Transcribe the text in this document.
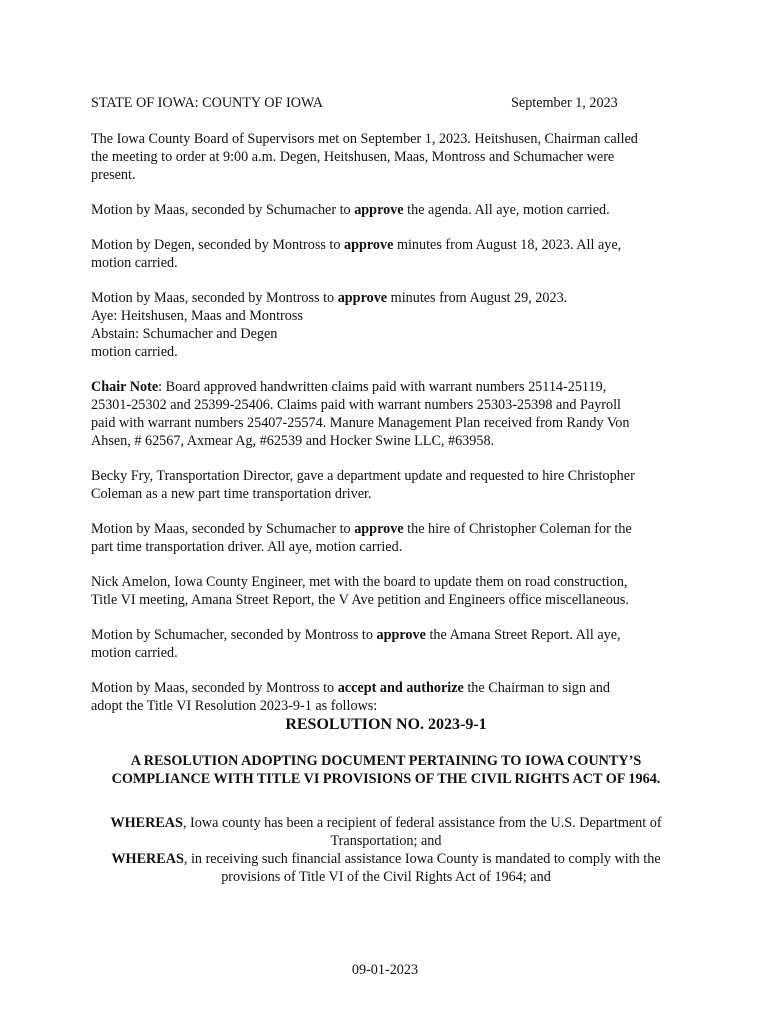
STATE OF IOWA: COUNTY OF IOWA	September 1, 2023

The Iowa County Board of Supervisors met on September 1, 2023. Heitshusen, Chairman called
the meeting to order at 9:00 a.m. Degen, Heitshusen, Maas, Montross and Schumacher were
present.

Motion by Maas, seconded by Schumacher to approve the agenda. All aye, motion carried.

Motion by Degen, seconded by Montross to approve minutes from August 18, 2023. All aye,
motion carried.

Motion by Maas, seconded by Montross to approve minutes from August 29, 2023.
Aye: Heitshusen, Maas and Montross
Abstain: Schumacher and Degen
motion carried.

Chair Note: Board approved handwritten claims paid with warrant numbers 25114-25119,
25301-25302 and 25399-25406. Claims paid with warrant numbers 25303-25398 and Payroll
paid with warrant numbers 25407-25574. Manure Management Plan received from Randy Von
Ahsen, # 62567, Axmear Ag, #62539 and Hocker Swine LLC, #63958.

Becky Fry, Transportation Director, gave a department update and requested to hire Christopher
Coleman as a new part time transportation driver.

Motion by Maas, seconded by Schumacher to approve the hire of Christopher Coleman for the
part time transportation driver. All aye, motion carried.

Nick Amelon, Iowa County Engineer, met with the board to update them on road construction,
Title VI meeting, Amana Street Report, the V Ave petition and Engineers office miscellaneous.

Motion by Schumacher, seconded by Montross to approve the Amana Street Report. All aye,
motion carried.

Motion by Maas, seconded by Montross to accept and authorize the Chairman to sign and
adopt the Title VI Resolution 2023-9-1 as follows:

RESOLUTION NO. 2023-9-1
A RESOLUTION ADOPTING DOCUMENT PERTAINING TO IOWA COUNTY’S
COMPLIANCE WITH TITLE VI PROVISIONS OF THE CIVIL RIGHTS ACT OF 1964.

WHEREAS, Iowa county has been a recipient of federal assistance from the U.S. Department of
Transportation; and

WHEREAS, in receiving such financial assistance Iowa County is mandated to comply with the
provisions of Title VI of the Civil Rights Act of 1964; and

09-01-2023
